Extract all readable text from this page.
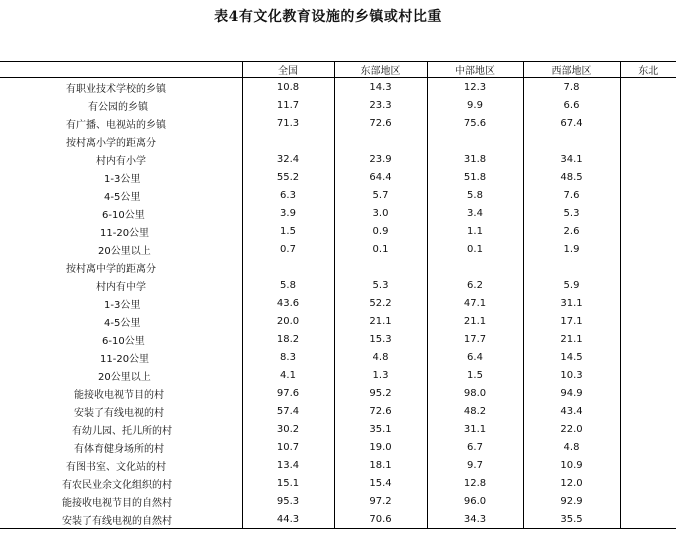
表4有文化教育设施的乡镇或村比重
	全国	东部地区	中部地区	西部地区	东北
有职业技术学校的乡镇	10.8	14.3	12.3	7.8	
有公园的乡镇	11.7	23.3	9.9	6.6	
有广播、电视站的乡镇	71.3	72.6	75.6	67.4	
按村离小学的距离分					
村内有小学	32.4	23.9	31.8	34.1	
1-3公里	55.2	64.4	51.8	48.5	
4-5公里	6.3	5.7	5.8	7.6	
6-10公里	3.9	3.0	3.4	5.3	
11-20公里	1.5	0.9	1.1	2.6	
20公里以上	0.7	0.1	0.1	1.9	
按村离中学的距离分					
村内有中学	5.8	5.3	6.2	5.9	
1-3公里	43.6	52.2	47.1	31.1	
4-5公里	20.0	21.1	21.1	17.1	
6-10公里	18.2	15.3	17.7	21.1	
11-20公里	8.3	4.8	6.4	14.5	
20公里以上	4.1	1.3	1.5	10.3	
能接收电视节目的村	97.6	95.2	98.0	94.9	
安装了有线电视的村	57.4	72.6	48.2	43.4	
有幼儿园、托儿所的村	30.2	35.1	31.1	22.0	
有体育健身场所的村	10.7	19.0	6.7	4.8	
有图书室、文化站的村	13.4	18.1	9.7	10.9	
有农民业余文化组织的村	15.1	15.4	12.8	12.0	
能接收电视节目的自然村	95.3	97.2	96.0	92.9	
安装了有线电视的自然村	44.3	70.6	34.3	35.5	
